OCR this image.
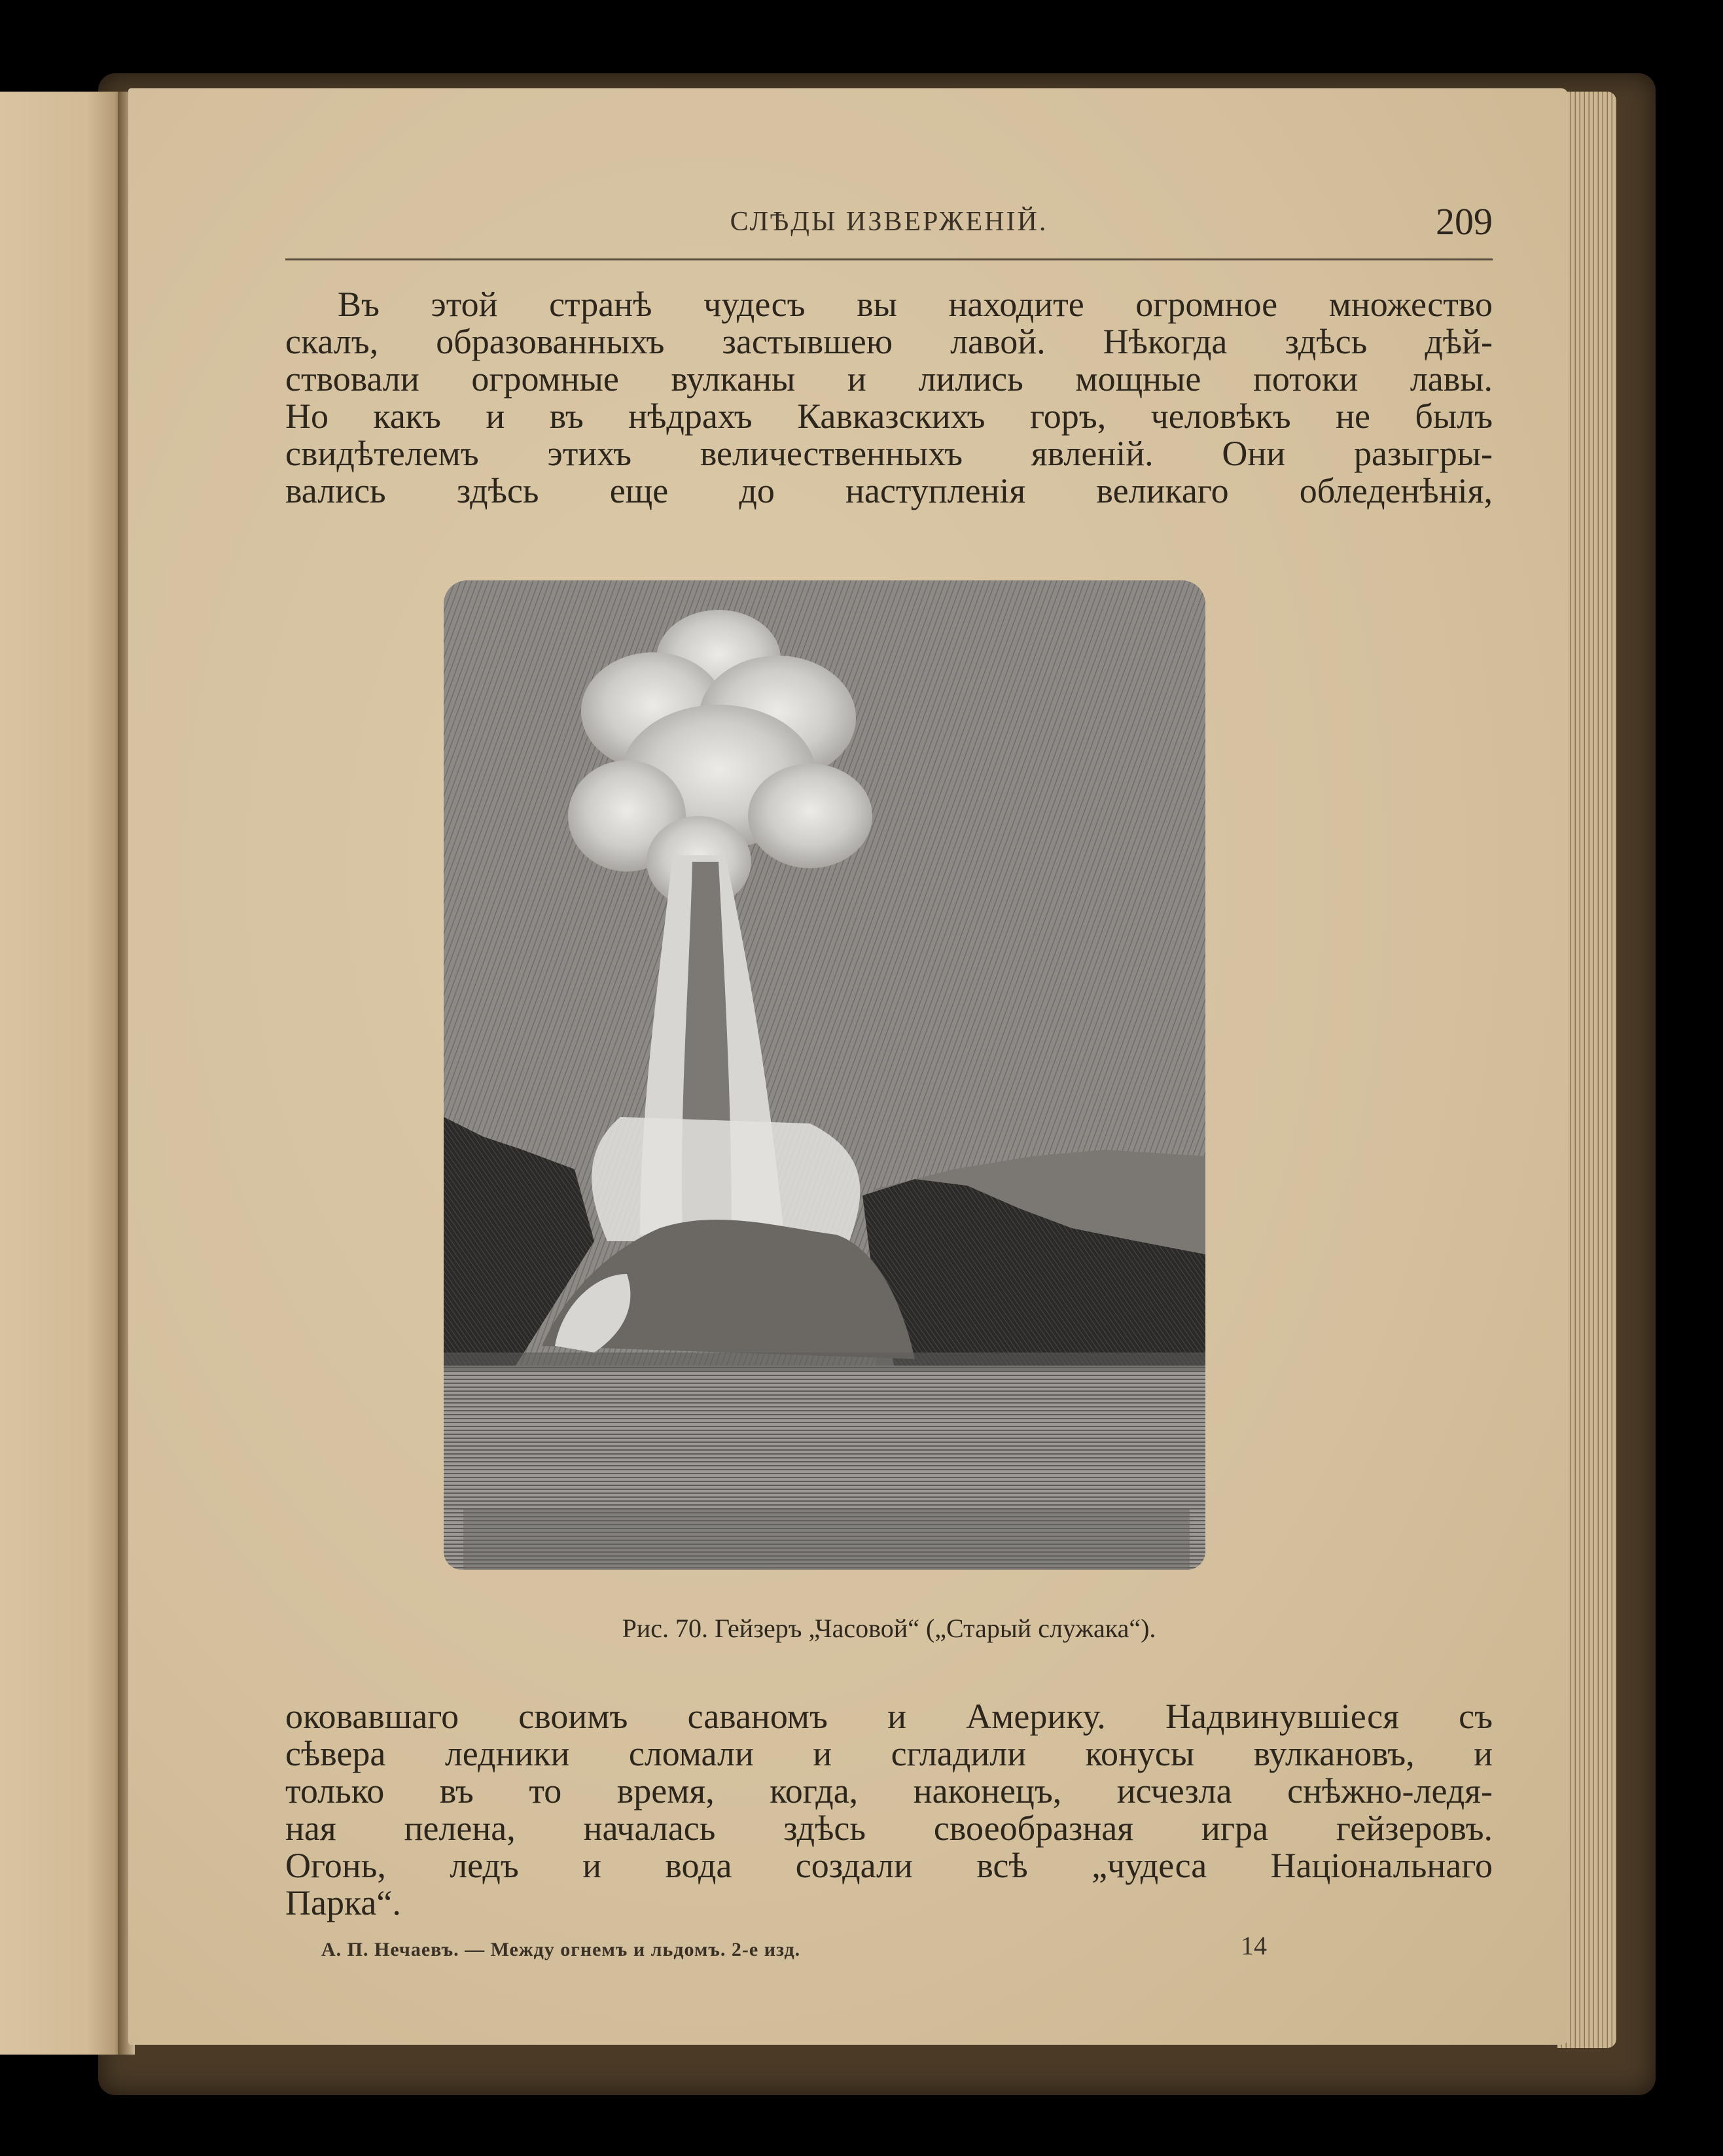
СЛѢДЫ ИЗВЕРЖЕНІЙ.	209
Въ этой странѣ чудесъ вы находите огромное множество
скалъ, образованныхъ застывшею лавой. Нѣкогда здѣсь дѣй-
ствовали огромные вулканы и лились мощные потоки лавы.
Но какъ и въ нѣдрахъ Кавказскихъ горъ, человѣкъ не былъ
свидѣтелемъ этихъ величественныхъ явленій. Они разыгры-
вались здѣсь еще до наступленія великаго обледенѣнія,
Рис. 70. Гейзеръ „Часовой“ („Старый служака“).
оковавшаго своимъ саваномъ и Америку. Надвинувшіеся съ
сѣвера ледники сломали и сгладили конусы вулкановъ, и
только въ то время, когда, наконецъ, исчезла снѣжно-ледя-
ная пелена, началась здѣсь своеобразная игра гейзеровъ.
Огонь, ледъ и вода создали всѣ „чудеса Національнаго
Парка“.
А. П. Нечаевъ. — Между огнемъ и льдомъ. 2-е изд.	14
